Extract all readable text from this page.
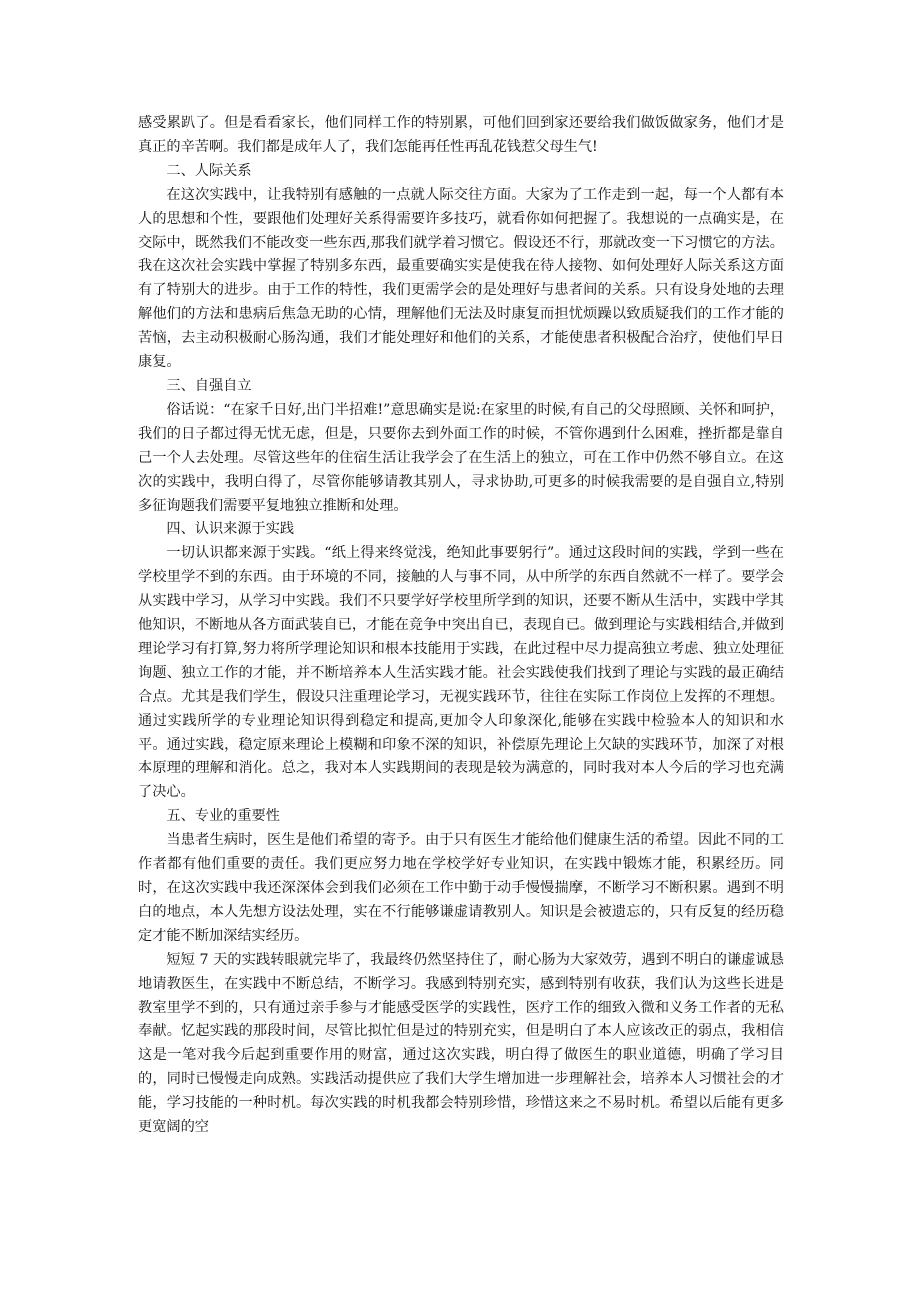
感受累趴了。但是看看家长，他们同样工作的特别累，可他们回到家还要给我们做饭做家务，他们才是真正的辛苦啊。我们都是成年人了，我们怎能再任性再乱花钱惹父母生气!

二、人际关系

在这次实践中，让我特别有感触的一点就人际交往方面。大家为了工作走到一起，每一个人都有本人的思想和个性，要跟他们处理好关系得需要许多技巧，就看你如何把握了。我想说的一点确实是，在交际中，既然我们不能改变一些东西,那我们就学着习惯它。假设还不行，那就改变一下习惯它的方法。我在这次社会实践中掌握了特别多东西，最重要确实实是使我在待人接物、如何处理好人际关系这方面有了特别大的进步。由于工作的特性，我们更需学会的是处理好与患者间的关系。只有设身处地的去理解他们的方法和患病后焦急无助的心情，理解他们无法及时康复而担忧烦躁以致质疑我们的工作才能的苦恼，去主动积极耐心肠沟通，我们才能处理好和他们的关系，才能使患者积极配合治疗，使他们早日康复。

三、自强自立

俗话说：“在家千日好,出门半招难!”意思确实是说:在家里的时候,有自己的父母照顾、关怀和呵护，我们的日子都过得无忧无虑，但是，只要你去到外面工作的时候，不管你遇到什么困难，挫折都是靠自己一个人去处理。尽管这些年的住宿生活让我学会了在生活上的独立，可在工作中仍然不够自立。在这次的实践中，我明白得了，尽管你能够请教其别人，寻求协助,可更多的时候我需要的是自强自立,特别多征询题我们需要平复地独立推断和处理。

四、认识来源于实践

一切认识都来源于实践。“纸上得来终觉浅，绝知此事要躬行”。通过这段时间的实践，学到一些在学校里学不到的东西。由于环境的不同，接触的人与事不同，从中所学的东西自然就不一样了。要学会从实践中学习，从学习中实践。我们不只要学好学校里所学到的知识，还要不断从生活中，实践中学其他知识，不断地从各方面武装自已，才能在竞争中突出自已，表现自已。做到理论与实践相结合,并做到理论学习有打算,努力将所学理论知识和根本技能用于实践，在此过程中尽力提高独立考虑、独立处理征询题、独立工作的才能，并不断培养本人生活实践才能。社会实践使我们找到了理论与实践的最正确结合点。尤其是我们学生，假设只注重理论学习，无视实践环节，往往在实际工作岗位上发挥的不理想。通过实践所学的专业理论知识得到稳定和提高,更加令人印象深化,能够在实践中检验本人的知识和水平。通过实践，稳定原来理论上模糊和印象不深的知识，补偿原先理论上欠缺的实践环节，加深了对根本原理的理解和消化。总之，我对本人实践期间的表现是较为满意的，同时我对本人今后的学习也充满了决心。

五、专业的重要性

当患者生病时，医生是他们希望的寄予。由于只有医生才能给他们健康生活的希望。因此不同的工作者都有他们重要的责任。我们更应努力地在学校学好专业知识，在实践中锻炼才能，积累经历。同时，在这次实践中我还深深体会到我们必须在工作中勤于动手慢慢揣摩，不断学习不断积累。遇到不明白的地点，本人先想方设法处理，实在不行能够谦虚请教别人。知识是会被遗忘的，只有反复的经历稳定才能不断加深结实经历。

短短 7 天的实践转眼就完毕了，我最终仍然坚持住了，耐心肠为大家效劳，遇到不明白的谦虚诚恳地请教医生，在实践中不断总结，不断学习。我感到特别充实，感到特别有收获，我们认为这些长进是教室里学不到的，只有通过亲手参与才能感受医学的实践性，医疗工作的细致入微和义务工作者的无私奉献。忆起实践的那段时间，尽管比拟忙但是过的特别充实，但是明白了本人应该改正的弱点，我相信这是一笔对我今后起到重要作用的财富，通过这次实践，明白得了做医生的职业道德，明确了学习目的，同时已慢慢走向成熟。实践活动提供应了我们大学生增加进一步理解社会，培养本人习惯社会的才能，学习技能的一种时机。每次实践的时机我都会特别珍惜，珍惜这来之不易时机。希望以后能有更多更宽阔的空
